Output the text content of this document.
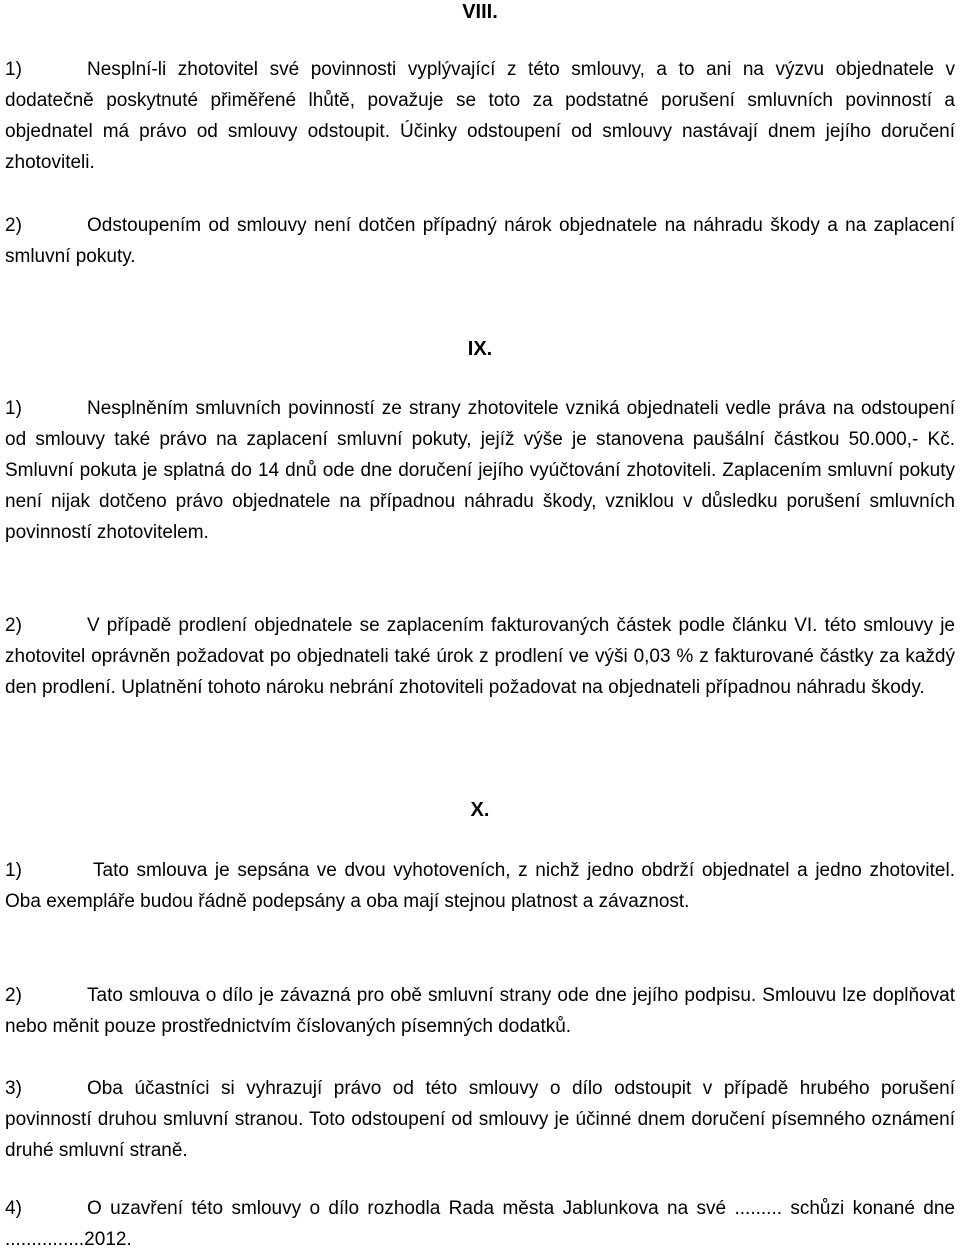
VIII.
1)	Nesplní-li zhotovitel své povinnosti vyplývající z této smlouvy, a to ani na výzvu objednatele v dodatečně poskytnuté přiměřené lhůtě, považuje se toto za podstatné porušení smluvních povinností a objednatel má právo od smlouvy odstoupit. Účinky odstoupení od smlouvy nastávají dnem jejího doručení zhotoviteli.
2)	Odstoupením od smlouvy není dotčen případný nárok objednatele na náhradu škody a na zaplacení smluvní pokuty.
IX.
1)	Nesplněním smluvních povinností ze strany zhotovitele vzniká objednateli vedle práva na odstoupení od smlouvy také právo na zaplacení smluvní pokuty, jejíž výše je stanovena paušální částkou 50.000,- Kč. Smluvní pokuta je splatná do 14 dnů ode dne doručení jejího vyúčtování zhotoviteli. Zaplacením smluvní pokuty není nijak dotčeno právo objednatele na případnou náhradu škody, vzniklou v důsledku porušení smluvních povinností zhotovitelem.
2)	V případě prodlení objednatele se zaplacením fakturovaných částek podle článku VI. této smlouvy je zhotovitel oprávněn požadovat po objednateli také úrok z prodlení ve výši 0,03 % z fakturované částky za každý den prodlení. Uplatnění tohoto nároku nebrání zhotoviteli požadovat na objednateli případnou náhradu škody.
X.
1)	Tato smlouva je sepsána ve dvou vyhotoveních, z nichž jedno obdrží objednatel a jedno zhotovitel. Oba exempláře budou řádně podepsány a oba mají stejnou platnost a závaznost.
2)	Tato smlouva o dílo je závazná pro obě smluvní strany ode dne jejího podpisu. Smlouvu lze doplňovat nebo měnit pouze prostřednictvím číslovaných písemných dodatků.
3)	Oba účastníci si vyhrazují právo od této smlouvy o dílo odstoupit v případě hrubého porušení povinností druhou smluvní stranou. Toto odstoupení od smlouvy je účinné dnem doručení písemného oznámení druhé smluvní straně.
4)	O uzavření této smlouvy o dílo rozhodla Rada města Jablunkova na své ......... schůzi konané dne ...............2012.
